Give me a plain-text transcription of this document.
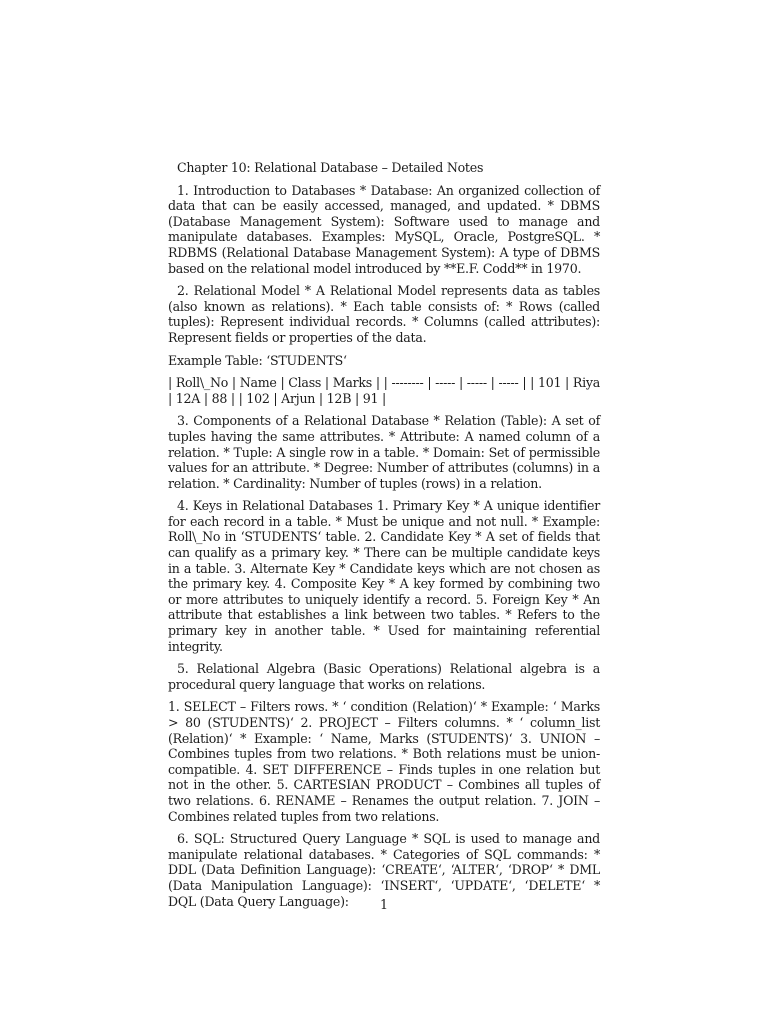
Chapter 10: Relational Database – Detailed Notes

1. Introduction to Databases * Database: An organized collection of data that can be easily accessed, managed, and updated. * DBMS (Database Management System): Software used to manage and manipulate databases. Examples: MySQL, Oracle, PostgreSQL. * RDBMS (Relational Database Management System): A type of DBMS based on the relational model introduced by **E.F. Codd** in 1970.

2. Relational Model * A Relational Model represents data as tables (also known as relations). * Each table consists of: * Rows (called tuples): Represent individual records. * Columns (called attributes): Represent fields or properties of the data.

Example Table: ‘STUDENTS‘

| Roll\_No | Name | Class | Marks | | -------- | ----- | ----- | ----- | | 101 | Riya | 12A | 88 | | 102 | Arjun | 12B | 91 |

3. Components of a Relational Database * Relation (Table): A set of tuples having the same attributes. * Attribute: A named column of a relation. * Tuple: A single row in a table. * Domain: Set of permissible values for an attribute. * Degree: Number of attributes (columns) in a relation. * Cardinality: Number of tuples (rows) in a relation.

4. Keys in Relational Databases 1. Primary Key * A unique identifier for each record in a table. * Must be unique and not null. * Example: Roll\_No in ‘STUDENTS‘ table. 2. Candidate Key * A set of fields that can qualify as a primary key. * There can be multiple candidate keys in a table. 3. Alternate Key * Candidate keys which are not chosen as the primary key. 4. Composite Key * A key formed by combining two or more attributes to uniquely identify a record. 5. Foreign Key * An attribute that establishes a link between two tables. * Refers to the primary key in another table. * Used for maintaining referential integrity.

5. Relational Algebra (Basic Operations) Relational algebra is a procedural query language that works on relations.

1. SELECT – Filters rows. * ‘ condition (Relation)‘ * Example: ‘ Marks > 80 (STUDENTS)‘ 2. PROJECT – Filters columns. * ‘ column_list (Relation)‘ * Example: ‘ Name, Marks (STUDENTS)‘ 3. UNION – Combines tuples from two relations. * Both relations must be union-compatible. 4. SET DIFFERENCE – Finds tuples in one relation but not in the other. 5. CARTESIAN PRODUCT – Combines all tuples of two relations. 6. RENAME – Renames the output relation. 7. JOIN – Combines related tuples from two relations.

6. SQL: Structured Query Language * SQL is used to manage and manipulate relational databases. * Categories of SQL commands: * DDL (Data Definition Language): ‘CREATE‘, ‘ALTER‘, ‘DROP‘ * DML (Data Manipulation Language): ‘INSERT‘, ‘UPDATE‘, ‘DELETE‘ * DQL (Data Query Language):	1
